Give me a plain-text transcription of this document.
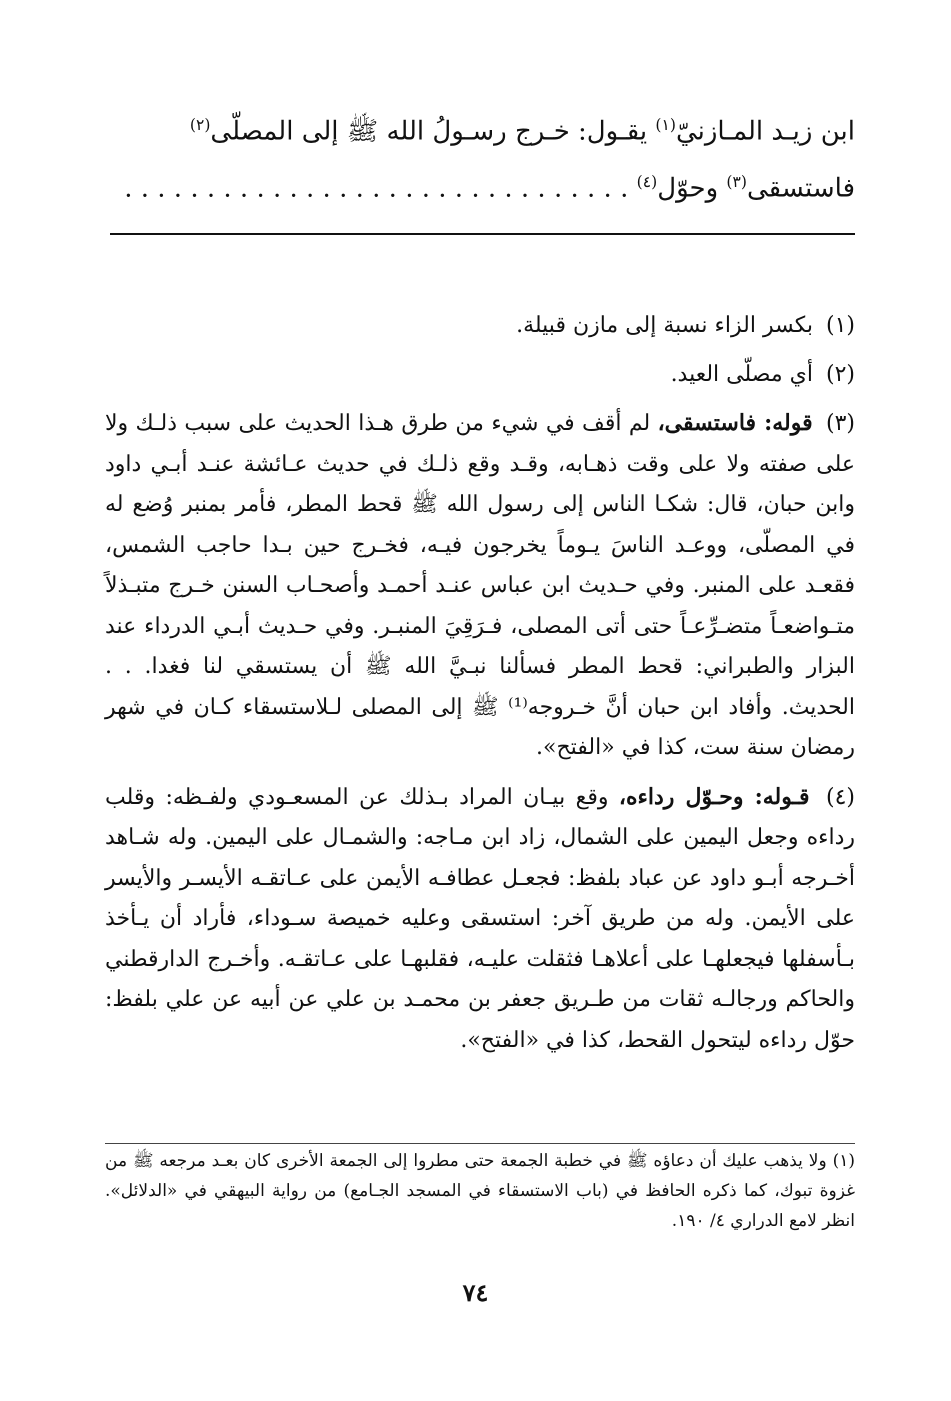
ابن زيـد المـازنيّ$^{(١)}$ يقـول: خـرج رسـولُ الله ﷺ إلى المصلّى$^{(٢)}$
فاستسقى$^{(٣)}$ وحوّل$^{(٤)}$ . . . . . . . . . . . . . . . . . . . . . . . . . . . . . . .

(١) بكسر الزاء نسبة إلى مازن قبيلة.

(٢) أي مصلّى العيد.

(٣) قوله: فاستسقى، لم أقف في شيء من طرق هـذا الحديث على سبب ذلـك ولا على صفته ولا على وقت ذهـابه، وقـد وقع ذلـك في حديث عـائشة عنـد أبـي داود وابن حبان، قال: شكـا الناس إلى رسول الله ﷺ قحط المطر، فأمر بمنبر وُضع له في المصلّى، ووعـد الناسَ يـوماً يخرجون فيـه، فخـرج حين بـدا حاجب الشمس، فقعـد على المنبر. وفي حـديث ابن عباس عنـد أحمـد وأصحـاب السنن خـرج متبـذلاً متـواضعـاً متضـرِّعـاً حتى أتى المصلى، فـرَقِيَ المنبـر. وفي حـديث أبـي الدرداء عند البزار والطبراني: قحط المطر فسألنا نبـيَّ الله ﷺ أن يستسقي لنا فغدا. . . الحديث. وأفاد ابن حبان أنَّ خـروجه⁽¹⁾ ﷺ إلى المصلى لـلاستسقاء كـان في شهر رمضان سنة ست، كذا في «الفتح».

(٤) قـوله: وحـوّل رداءه، وقع بيـان المراد بـذلك عن المسعـودي ولفـظه: وقلب رداءه وجعل اليمين على الشمال، زاد ابن مـاجه: والشمـال على اليمين. وله شـاهد أخـرجه أبـو داود عن عباد بلفظ: فجعـل عطافـه الأيمن على عـاتقـه الأيسـر والأيسر على الأيمن. وله من طريق آخر: استسقى وعليه خميصة سـوداء، فأراد أن يـأخذ بـأسفلها فيجعلهـا على أعلاهـا فثقلت عليـه، فقلبهـا على عـاتقـه. وأخـرج الدارقطني والحاكم ورجالـه ثقات من طـريق جعفر بن محمـد بن علي عن أبيه عن علي بلفظ: حوّل رداءه ليتحول القحط، كذا في «الفتح».

(١) ولا يذهب عليك أن دعاؤه ﷺ في خطبة الجمعة حتى مطروا إلى الجمعة الأخرى كان بعـد مرجعه ﷺ من غزوة تبوك، كما ذكره الحافظ في (باب الاستسقاء في المسجد الجـامع) من رواية البيهقي في «الدلائل». انظر لامع الدراري ٤/ ١٩٠.
٧٤
